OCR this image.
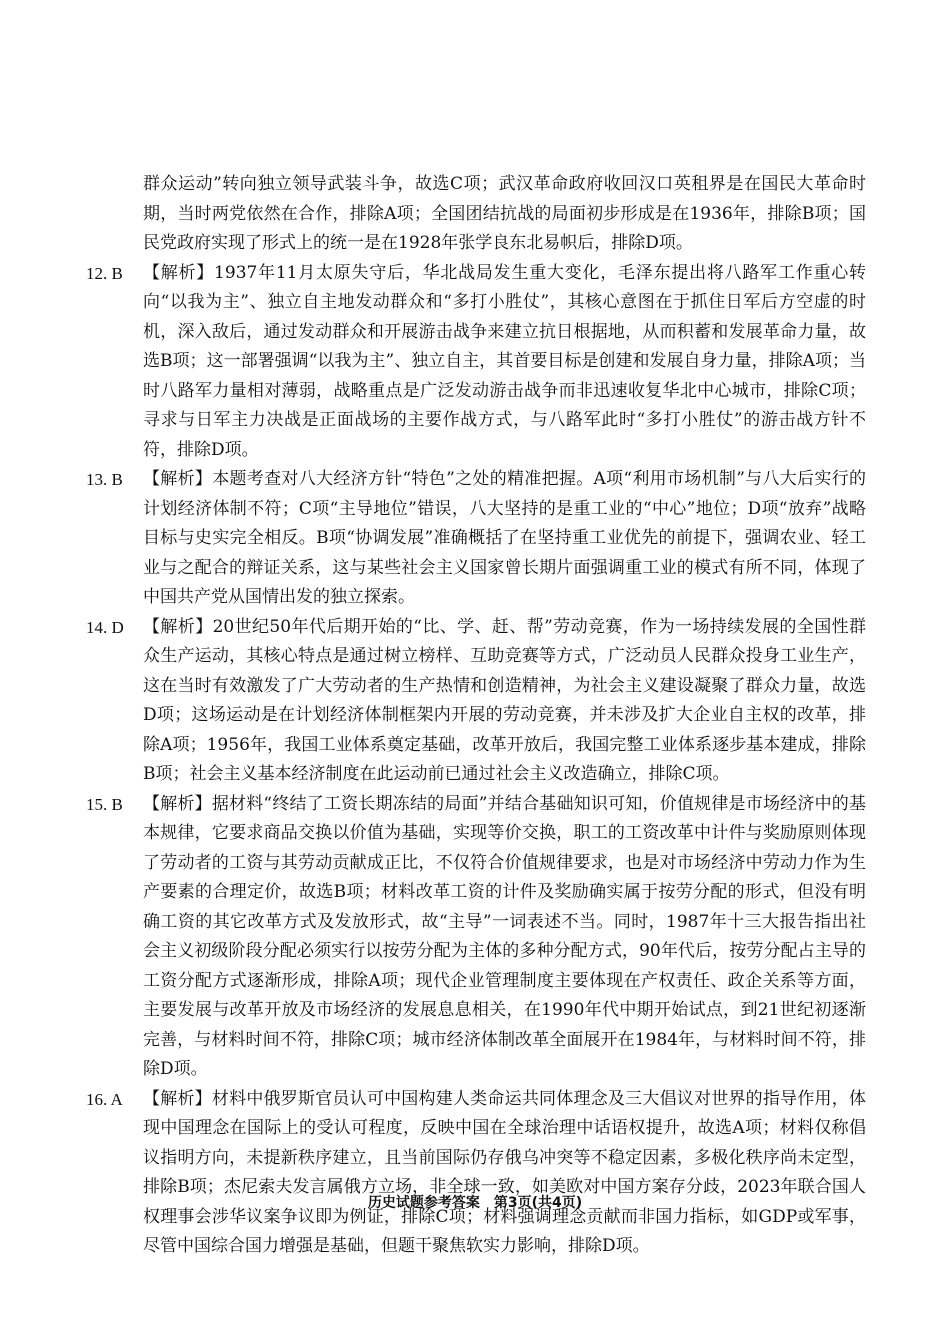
群众运动”转向独立领导武装斗争，故选C项；武汉革命政府收回汉口英租界是在国民大革命时期，当时两党依然在合作，排除A项；全国团结抗战的局面初步形成是在1936年，排除B项；国民党政府实现了形式上的统一是在1928年张学良东北易帜后，排除D项。
12. B	【解析】1937年11月太原失守后，华北战局发生重大变化，毛泽东提出将八路军工作重心转向“以我为主”、独立自主地发动群众和“多打小胜仗”，其核心意图在于抓住日军后方空虚的时机，深入敌后，通过发动群众和开展游击战争来建立抗日根据地，从而积蓄和发展革命力量，故选B项；这一部署强调“以我为主”、独立自主，其首要目标是创建和发展自身力量，排除A项；当时八路军力量相对薄弱，战略重点是广泛发动游击战争而非迅速收复华北中心城市，排除C项；寻求与日军主力决战是正面战场的主要作战方式，与八路军此时“多打小胜仗”的游击战方针不符，排除D项。
13. B	【解析】本题考查对八大经济方针“特色”之处的精准把握。A项“利用市场机制”与八大后实行的计划经济体制不符；C项“主导地位”错误，八大坚持的是重工业的“中心”地位；D项“放弃”战略目标与史实完全相反。B项“协调发展”准确概括了在坚持重工业优先的前提下，强调农业、轻工业与之配合的辩证关系，这与某些社会主义国家曾长期片面强调重工业的模式有所不同，体现了中国共产党从国情出发的独立探索。
14. D	【解析】20世纪50年代后期开始的“比、学、赶、帮”劳动竞赛，作为一场持续发展的全国性群众生产运动，其核心特点是通过树立榜样、互助竞赛等方式，广泛动员人民群众投身工业生产，这在当时有效激发了广大劳动者的生产热情和创造精神，为社会主义建设凝聚了群众力量，故选D项；这场运动是在计划经济体制框架内开展的劳动竞赛，并未涉及扩大企业自主权的改革，排除A项；1956年，我国工业体系奠定基础，改革开放后，我国完整工业体系逐步基本建成，排除B项；社会主义基本经济制度在此运动前已通过社会主义改造确立，排除C项。
15. B	【解析】据材料“终结了工资长期冻结的局面”并结合基础知识可知，价值规律是市场经济中的基本规律，它要求商品交换以价值为基础，实现等价交换，职工的工资改革中计件与奖励原则体现了劳动者的工资与其劳动贡献成正比，不仅符合价值规律要求，也是对市场经济中劳动力作为生产要素的合理定价，故选B项；材料改革工资的计件及奖励确实属于按劳分配的形式，但没有明确工资的其它改革方式及发放形式，故“主导”一词表述不当。同时，1987年十三大报告指出社会主义初级阶段分配必须实行以按劳分配为主体的多种分配方式，90年代后，按劳分配占主导的工资分配方式逐渐形成，排除A项；现代企业管理制度主要体现在产权责任、政企关系等方面，主要发展与改革开放及市场经济的发展息息相关，在1990年代中期开始试点，到21世纪初逐渐完善，与材料时间不符，排除C项；城市经济体制改革全面展开在1984年，与材料时间不符，排除D项。
16. A	【解析】材料中俄罗斯官员认可中国构建人类命运共同体理念及三大倡议对世界的指导作用，体现中国理念在国际上的受认可程度，反映中国在全球治理中话语权提升，故选A项；材料仅称倡议指明方向，未提新秩序建立，且当前国际仍存俄乌冲突等不稳定因素，多极化秩序尚未定型，排除B项；杰尼索夫发言属俄方立场，非全球一致，如美欧对中国方案存分歧，2023年联合国人权理事会涉华议案争议即为例证，排除C项；材料强调理念贡献而非国力指标，如GDP或军事，尽管中国综合国力增强是基础，但题干聚焦软实力影响，排除D项。
历史试题参考答案　第3页(共4页)
